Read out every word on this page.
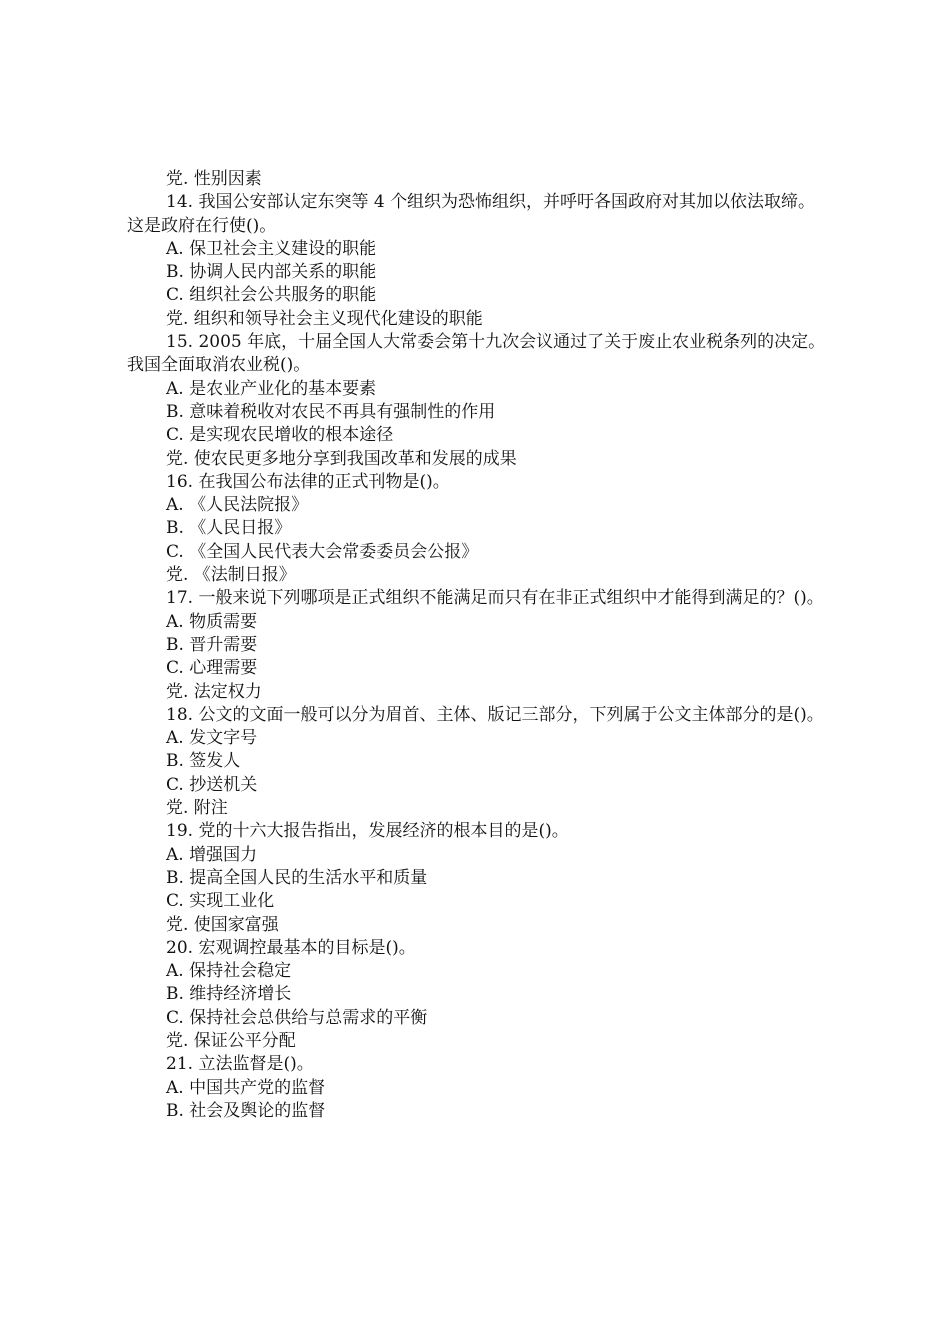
党. 性别因素
14. 我国公安部认定东突等 4 个组织为恐怖组织，并呼吁各国政府对其加以依法取缔。这是政府在行使()。
A. 保卫社会主义建设的职能
B. 协调人民内部关系的职能
C. 组织社会公共服务的职能
党. 组织和领导社会主义现代化建设的职能
15. 2005 年底，十届全国人大常委会第十九次会议通过了关于废止农业税条列的决定。我国全面取消农业税()。
A. 是农业产业化的基本要素
B. 意味着税收对农民不再具有强制性的作用
C. 是实现农民增收的根本途径
党. 使农民更多地分享到我国改革和发展的成果
16. 在我国公布法律的正式刊物是()。
A. 《人民法院报》
B. 《人民日报》
C. 《全国人民代表大会常委委员会公报》
党. 《法制日报》
17. 一般来说下列哪项是正式组织不能满足而只有在非正式组织中才能得到满足的？()。
A. 物质需要
B. 晋升需要
C. 心理需要
党. 法定权力
18. 公文的文面一般可以分为眉首、主体、版记三部分，下列属于公文主体部分的是()。
A. 发文字号
B. 签发人
C. 抄送机关
党. 附注
19. 党的十六大报告指出，发展经济的根本目的是()。
A. 增强国力
B. 提高全国人民的生活水平和质量
C. 实现工业化
党. 使国家富强
20. 宏观调控最基本的目标是()。
A. 保持社会稳定
B. 维持经济增长
C. 保持社会总供给与总需求的平衡
党. 保证公平分配
21. 立法监督是()。
A. 中国共产党的监督
B. 社会及舆论的监督
